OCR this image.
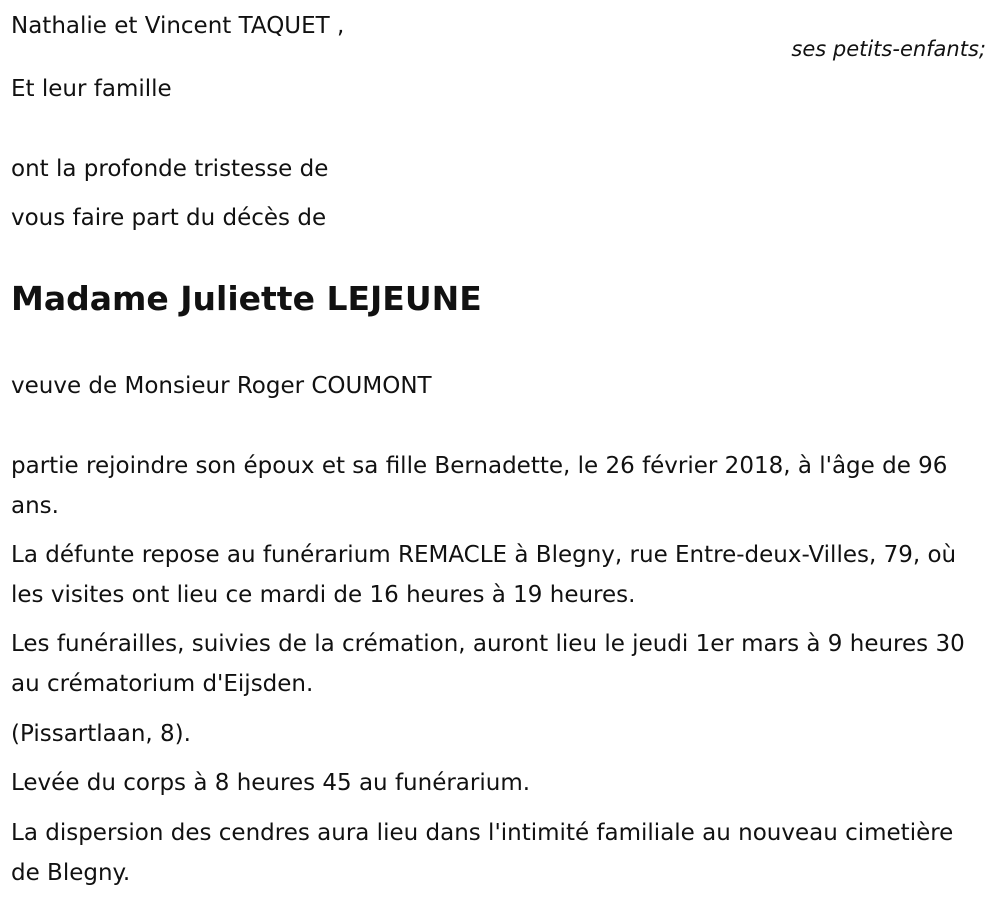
Nathalie et Vincent TAQUET ,

ses petits-enfants;

Et leur famille

ont la profonde tristesse de

vous faire part du décès de

Madame Juliette LEJEUNE

veuve de Monsieur Roger COUMONT

partie rejoindre son époux et sa fille Bernadette, le 26 février 2018, à l'âge de 96 ans.

La défunte repose au funérarium REMACLE à Blegny, rue Entre-deux-Villes, 79, où les visites ont lieu ce mardi de 16 heures à 19 heures.

Les funérailles, suivies de la crémation, auront lieu le jeudi 1er mars à 9 heures 30 au crématorium d'Eijsden.

(Pissartlaan, 8).

Levée du corps à 8 heures 45 au funérarium.

La dispersion des cendres aura lieu dans l'intimité familiale au nouveau cimetière de Blegny.
